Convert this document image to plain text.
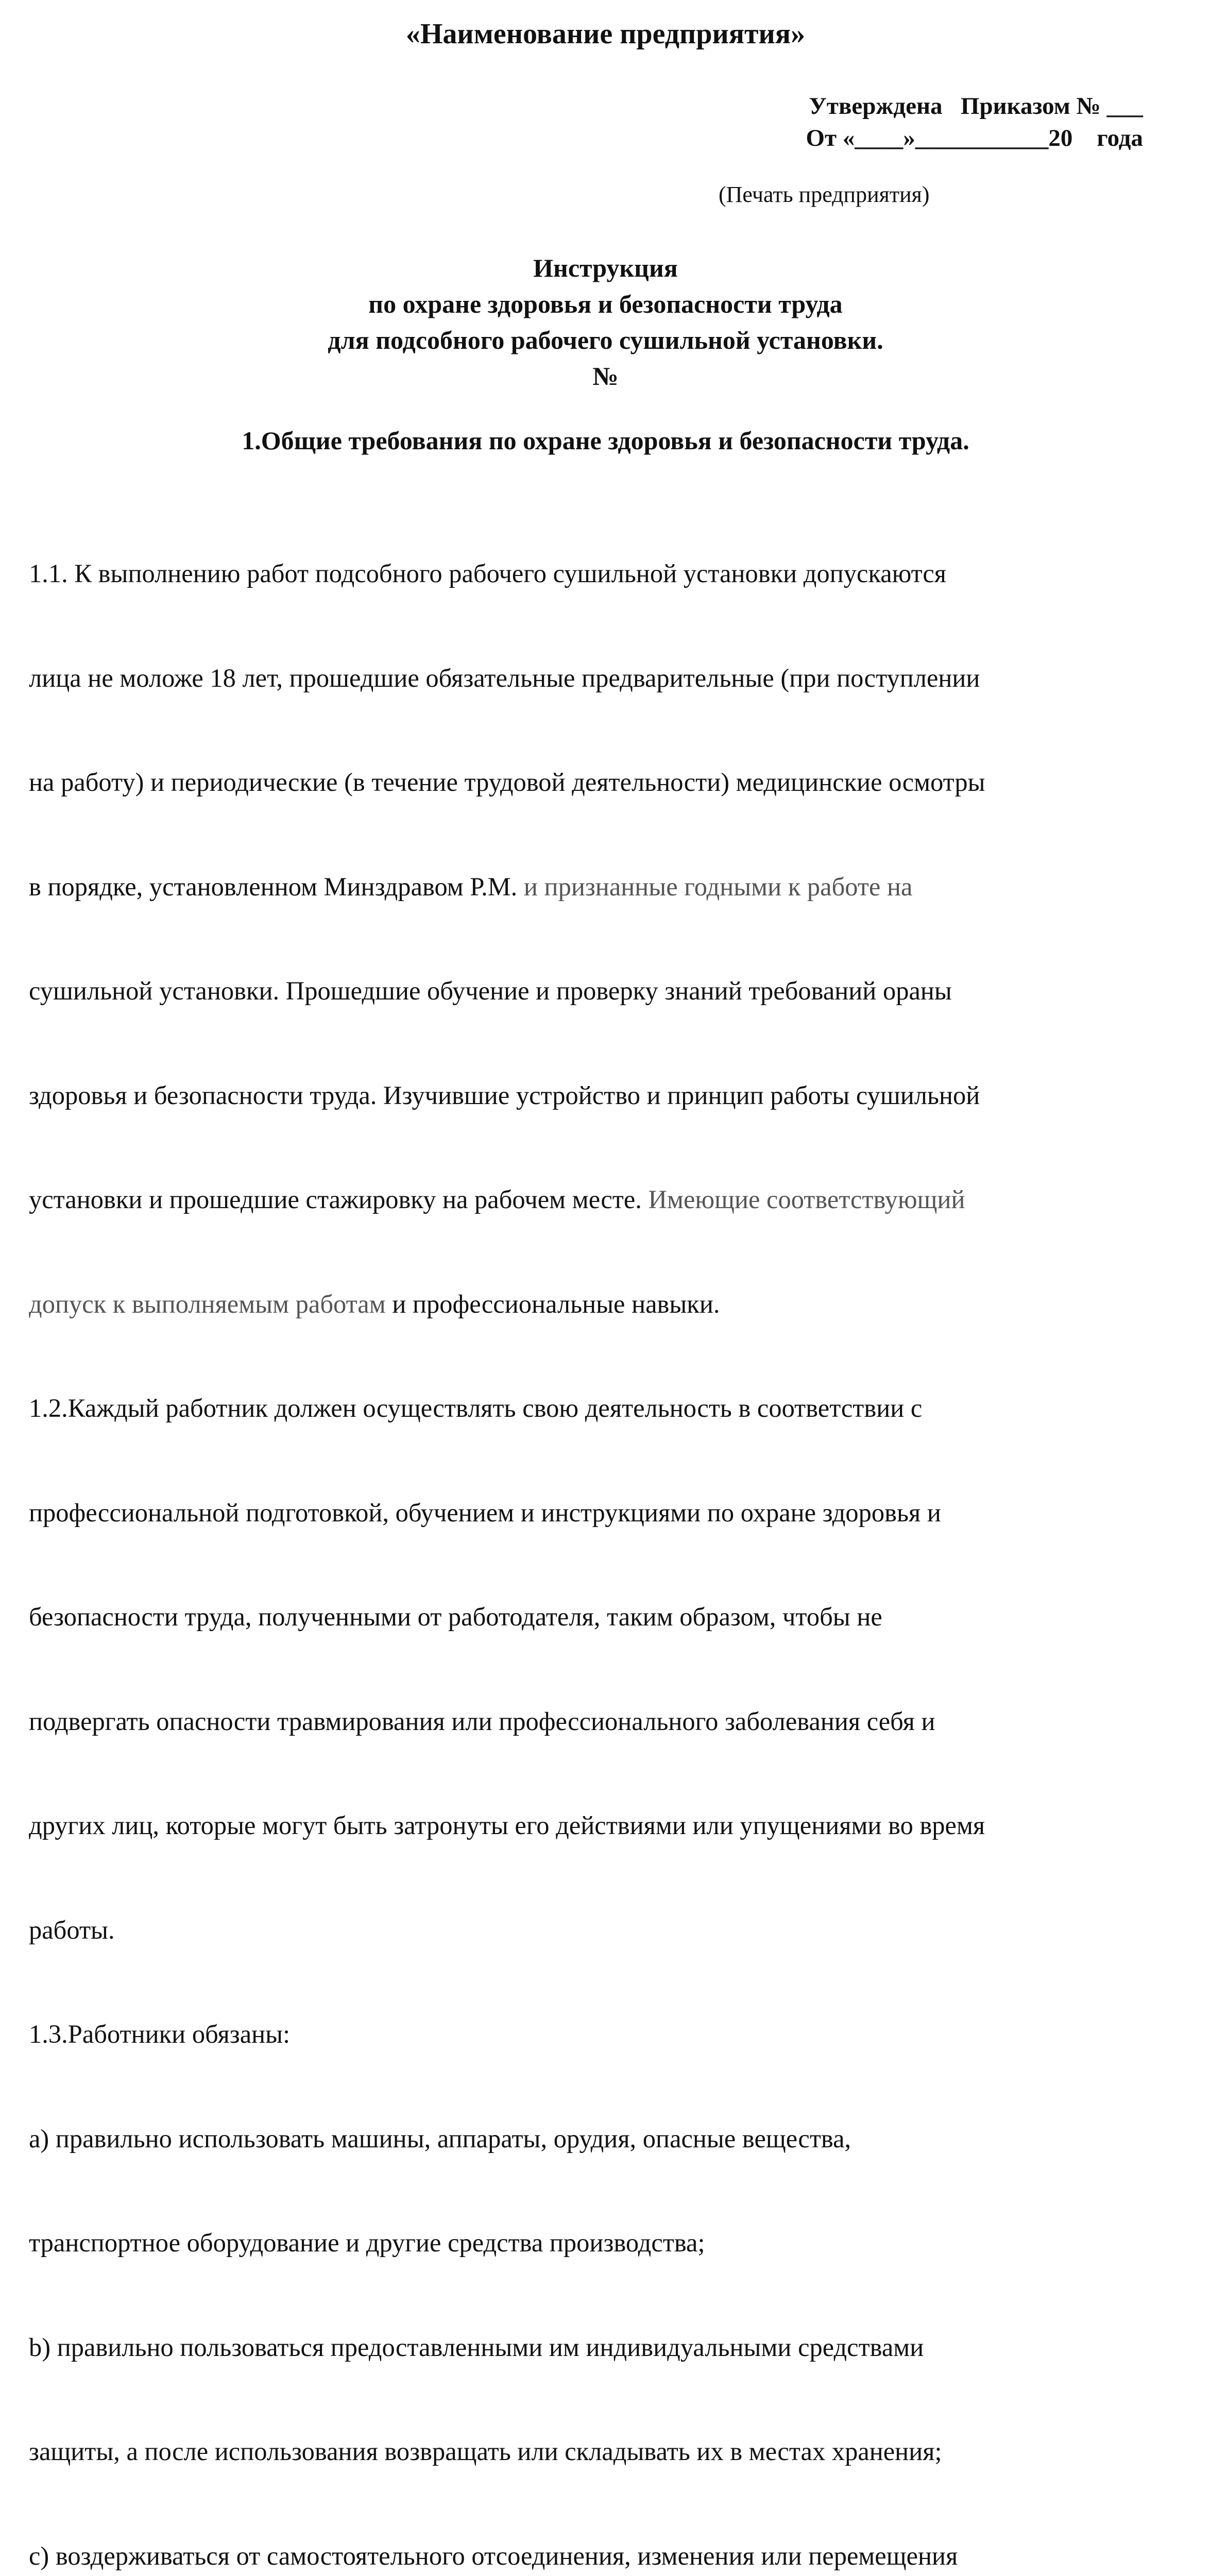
«Наименование предприятия»
Утверждена   Приказом № ___
От «____»___________20    года
(Печать предприятия)
Инструкция
по охране здоровья и безопасности труда
для подсобного рабочего сушильной установки.
№
1.Общие требования по охране здоровья и безопасности труда.

1.1. К выполнению работ подсобного рабочего сушильной установки допускаются

лица не моложе 18 лет, прошедшие обязательные предварительные (при поступлении

на работу) и периодические (в течение трудовой деятельности) медицинские осмотры

в порядке, установленном Минздравом Р.М. и признанные годными к работе на

сушильной установки. Прошедшие обучение и проверку знаний требований ораны

здоровья и безопасности труда. Изучившие устройство и принцип работы сушильной

установки и прошедшие стажировку на рабочем месте. Имеющие соответствующий

допуск к выполняемым работам и профессиональные навыки.

1.2.Каждый работник должен осуществлять свою деятельность в соответствии с

профессиональной подготовкой, обучением и инструкциями по охране здоровья и

безопасности труда, полученными от работодателя, таким образом, чтобы не

подвергать опасности травмирования или профессионального заболевания себя и

других лиц, которые могут быть затронуты его действиями или упущениями во время

работы.

1.3.Работники обязаны:

а) правильно использовать машины, аппараты, орудия, опасные вещества,

транспортное оборудование и другие средства производства;

b) правильно пользоваться предоставленными им индивидуальными средствами

защиты, а после использования возвращать или складывать их в местах хранения;

с) воздерживаться от самостоятельного отсоединения, изменения или перемещения
